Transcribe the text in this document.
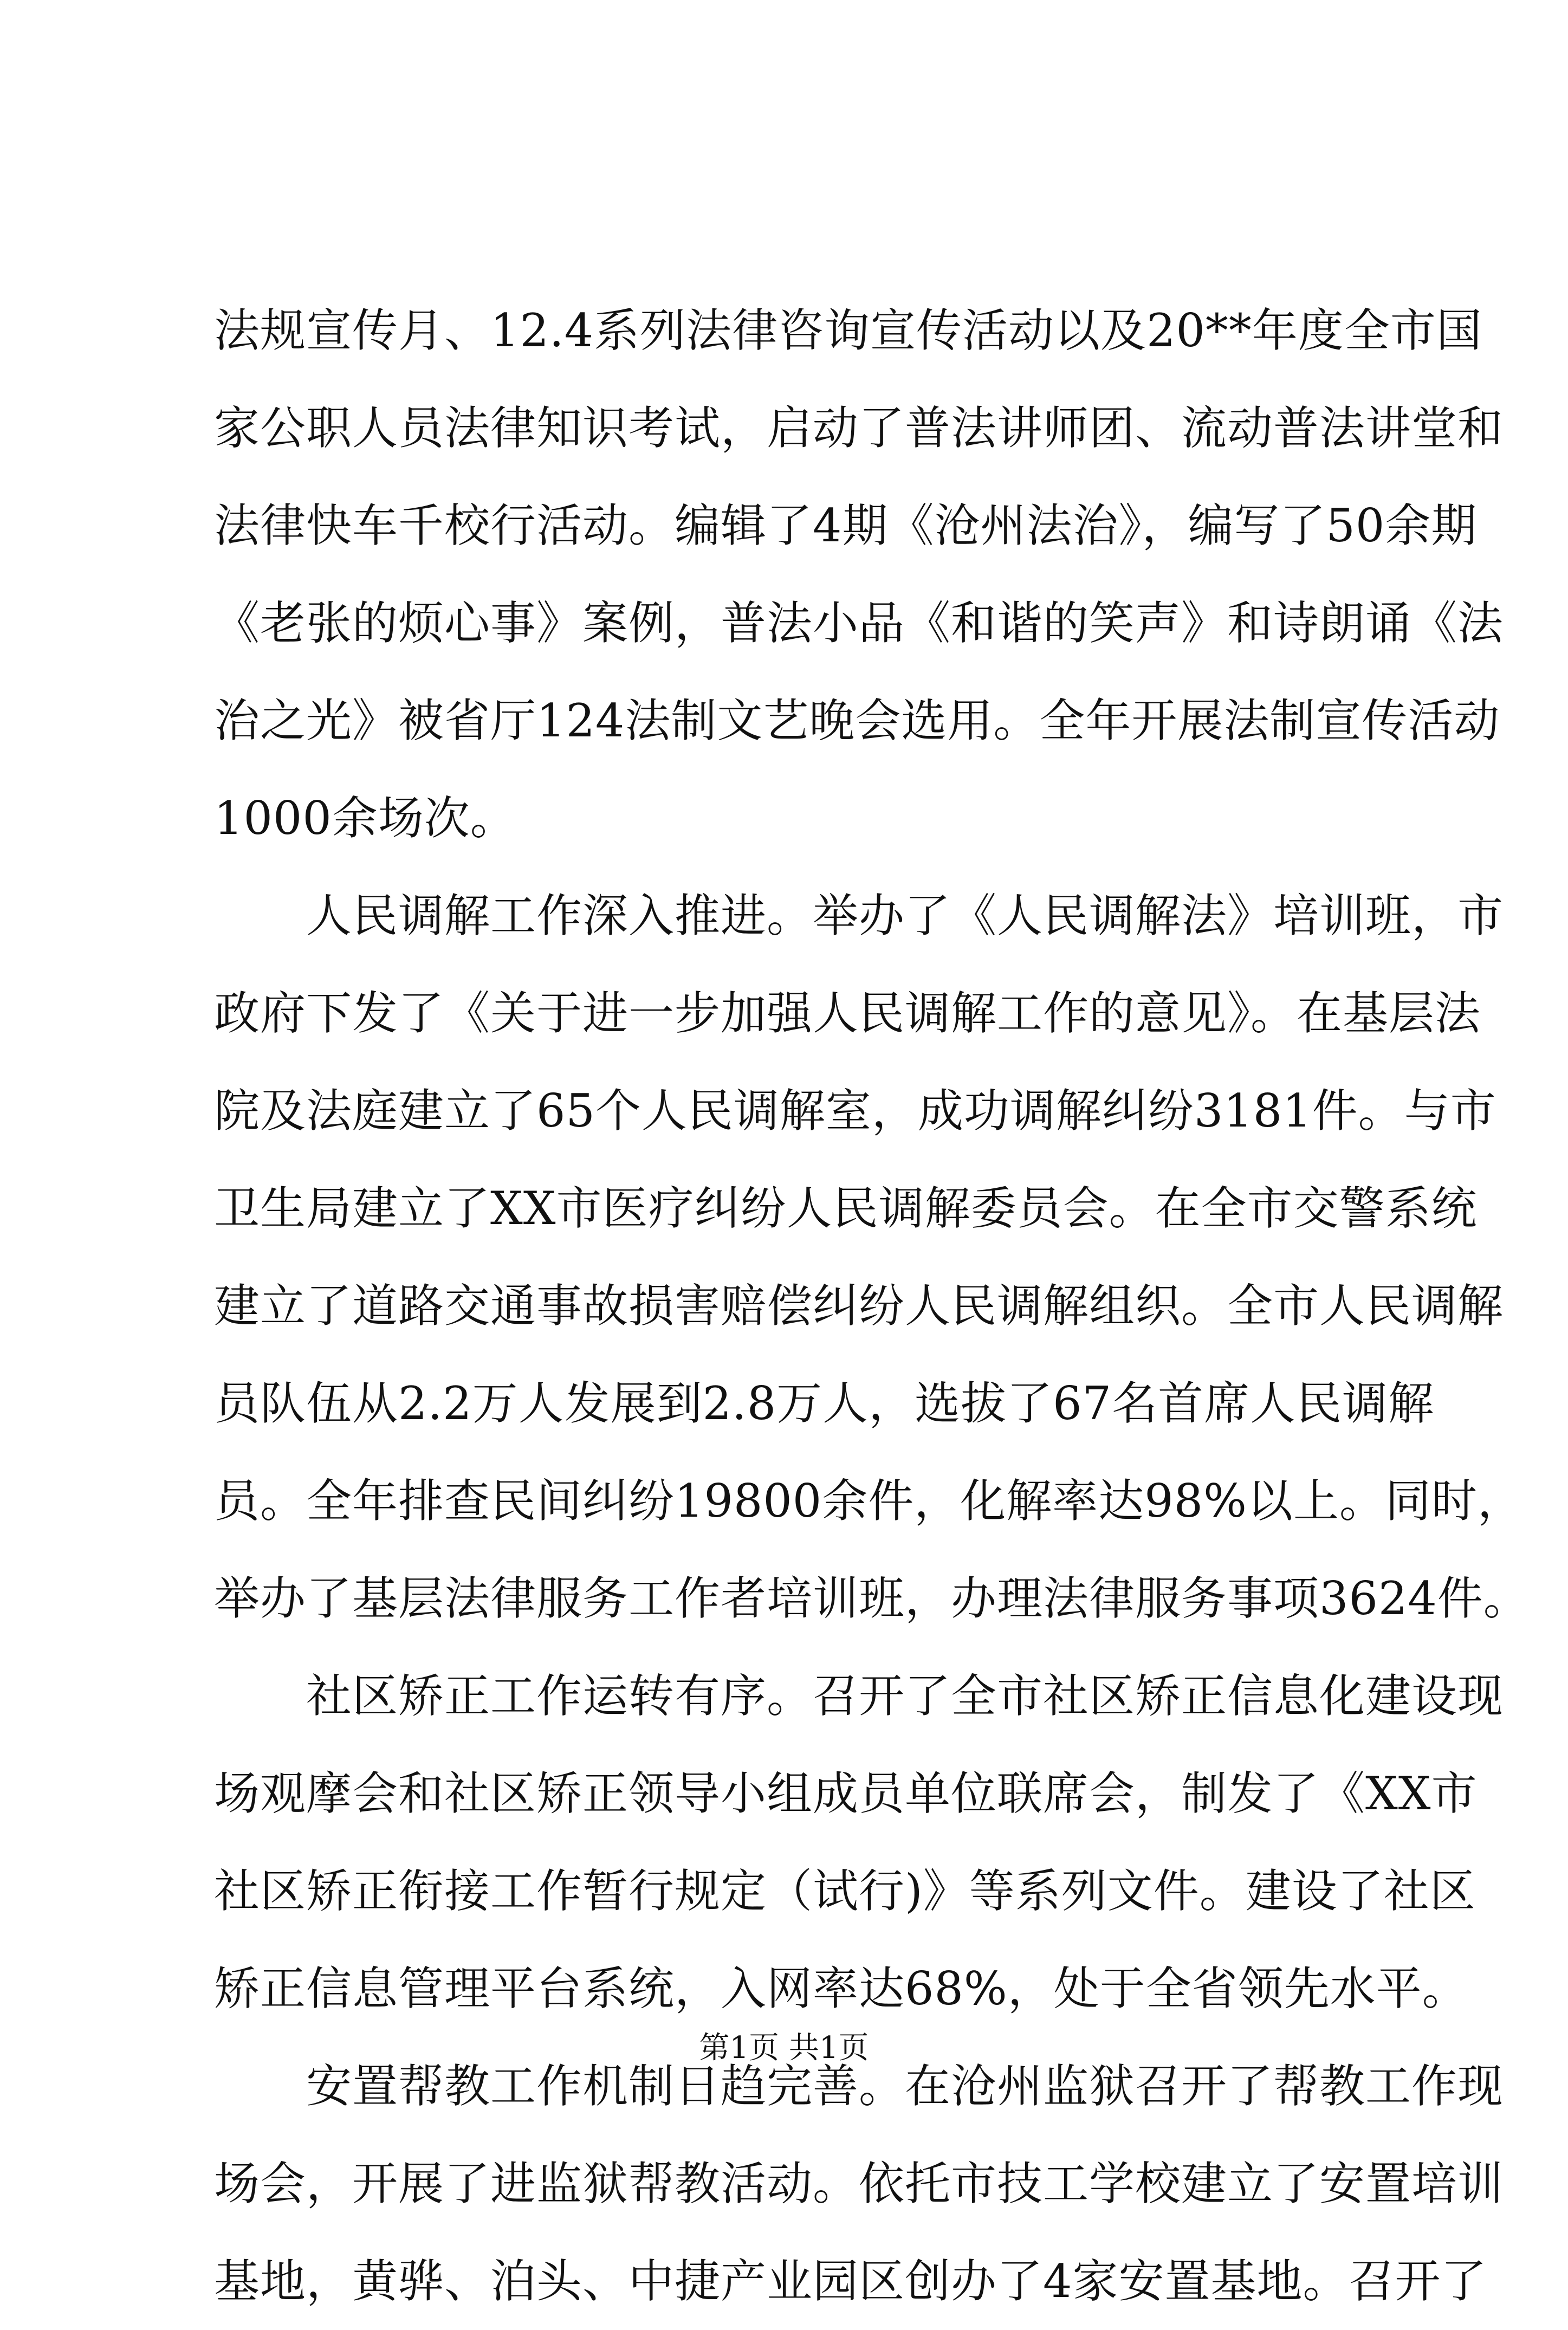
法规宣传月、12.4系列法律咨询宣传活动以及20**年度全市国
家公职人员法律知识考试，启动了普法讲师团、流动普法讲堂和
法律快车千校行活动。编辑了4期《沧州法治》，编写了50余期
《老张的烦心事》案例，普法小品《和谐的笑声》和诗朗诵《法
治之光》被省厅124法制文艺晚会选用。全年开展法制宣传活动
1000余场次。
人民调解工作深入推进。举办了《人民调解法》培训班，市
政府下发了《关于进一步加强人民调解工作的意见》。在基层法
院及法庭建立了65个人民调解室，成功调解纠纷3181件。与市
卫生局建立了XX市医疗纠纷人民调解委员会。在全市交警系统
建立了道路交通事故损害赔偿纠纷人民调解组织。全市人民调解
员队伍从2.2万人发展到2.8万人，选拔了67名首席人民调解
员。全年排查民间纠纷19800余件，化解率达98%以上。同时，
举办了基层法律服务工作者培训班，办理法律服务事项3624件。
社区矫正工作运转有序。召开了全市社区矫正信息化建设现
场观摩会和社区矫正领导小组成员单位联席会，制发了《XX市
社区矫正衔接工作暂行规定（试行)》等系列文件。建设了社区
矫正信息管理平台系统，入网率达68%，处于全省领先水平。
安置帮教工作机制日趋完善。在沧州监狱召开了帮教工作现
场会，开展了进监狱帮教活动。依托市技工学校建立了安置培训
基地，黄骅、泊头、中捷产业园区创办了4家安置基地。召开了
第1页 共1页
